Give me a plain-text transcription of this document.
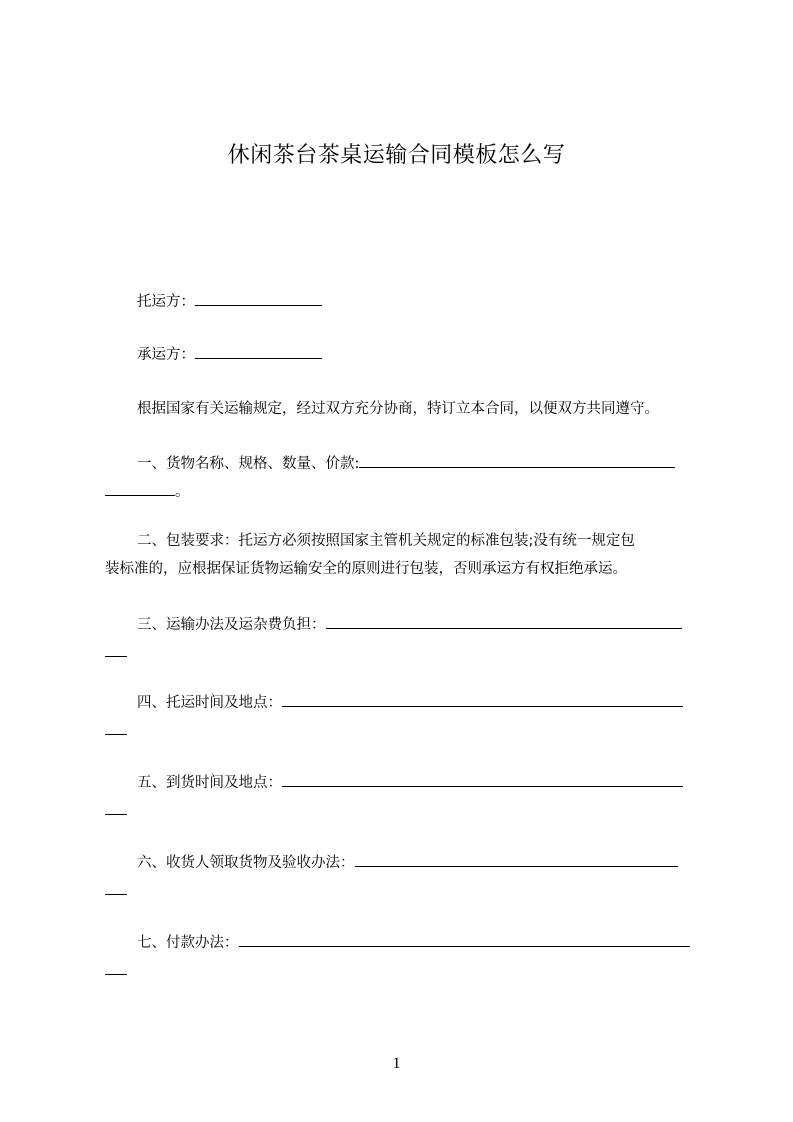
休闲茶台茶桌运输合同模板怎么写
托运方：
承运方：
根据国家有关运输规定，经过双方充分协商，特订立本合同，以便双方共同遵守。
一、货物名称、规格、数量、价款:
。
二、包装要求：托运方必须按照国家主管机关规定的标准包装;没有统一规定包
装标准的，应根据保证货物运输安全的原则进行包装，否则承运方有权拒绝承运。
三、运输办法及运杂费负担：
四、托运时间及地点：
五、到货时间及地点：
六、收货人领取货物及验收办法：
七、付款办法：
1
